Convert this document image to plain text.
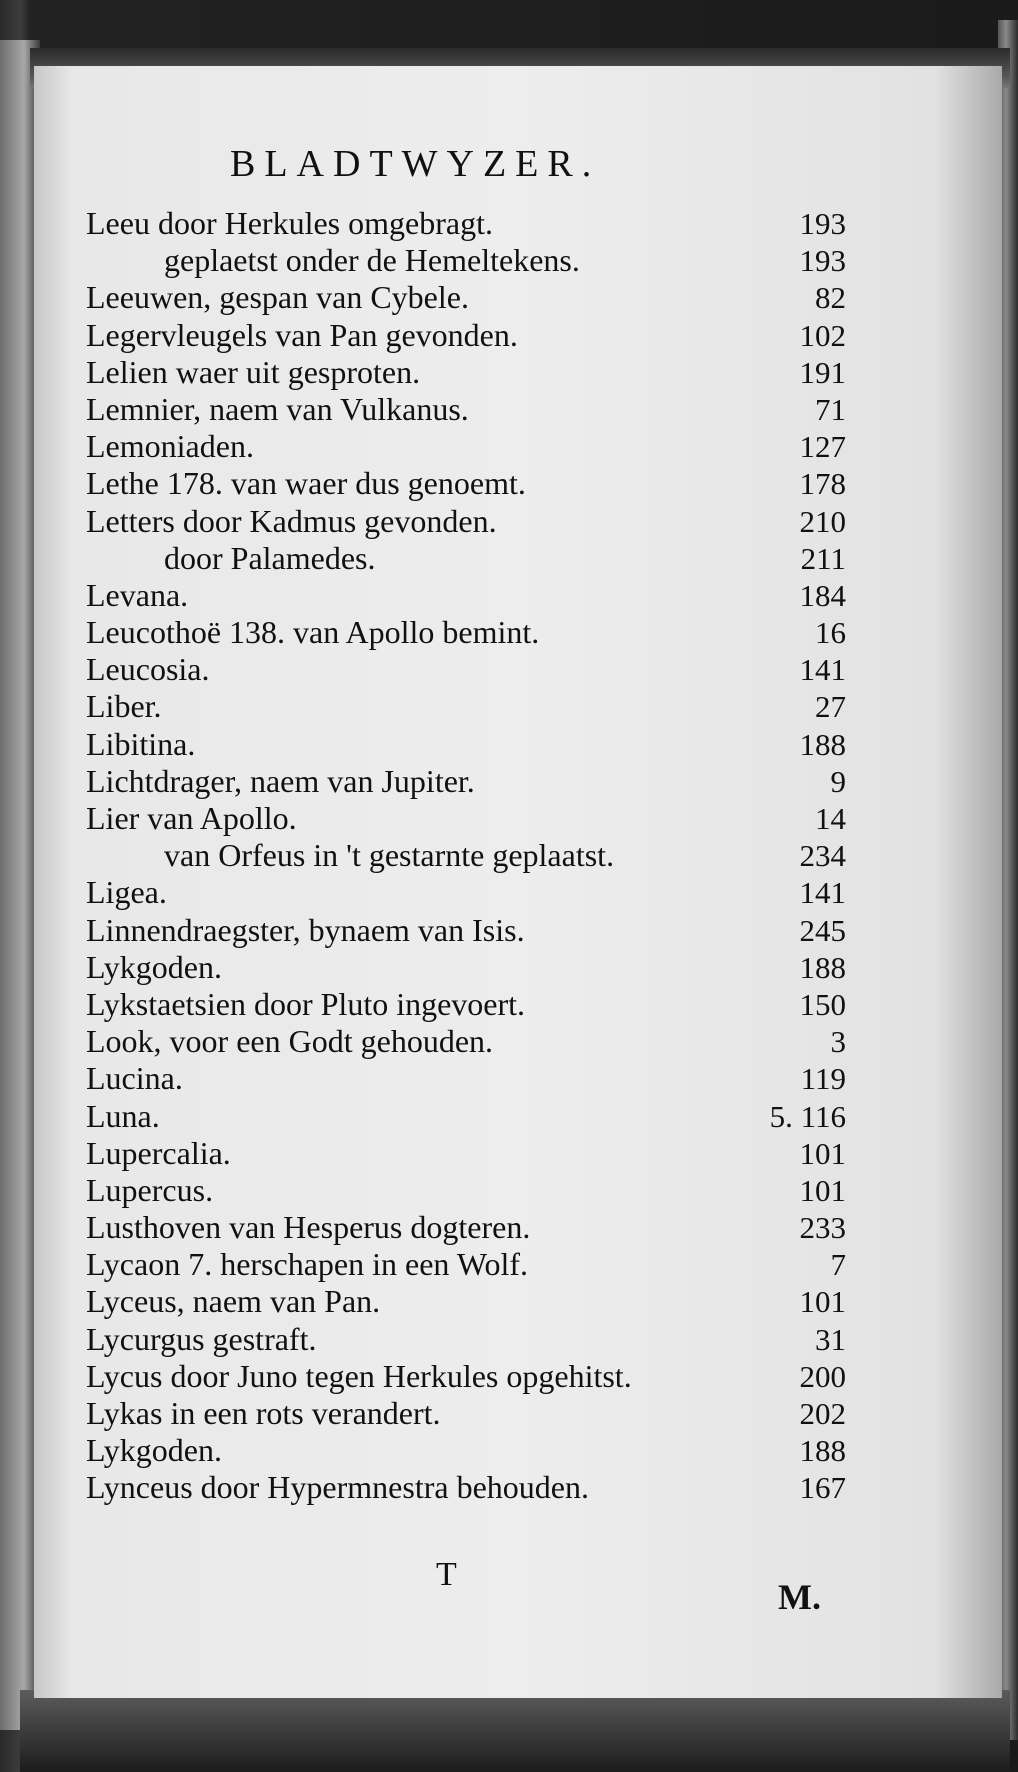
BLADTWYZER.
Leeu door Herkules omgebragt.	193
geplaetst onder de Hemeltekens.	193
Leeuwen, gespan van Cybele.	82
Legervleugels van Pan gevonden.	102
Lelien waer uit gesproten.	191
Lemnier, naem van Vulkanus.	71
Lemoniaden.	127
Lethe 178. van waer dus genoemt.	178
Letters door Kadmus gevonden.	210
door Palamedes.	211
Levana.	184
Leucothoë 138. van Apollo bemint.	16
Leucosia.	141
Liber.	27
Libitina.	188
Lichtdrager, naem van Jupiter.	9
Lier van Apollo.	14
van Orfeus in 't gestarnte geplaatst.	234
Ligea.	141
Linnendraegster, bynaem van Isis.	245
Lykgoden.	188
Lykstaetsien door Pluto ingevoert.	150
Look, voor een Godt gehouden.	3
Lucina.	119
Luna.	5. 116
Lupercalia.	101
Lupercus.	101
Lusthoven van Hesperus dogteren.	233
Lycaon 7. herschapen in een Wolf.	7
Lyceus, naem van Pan.	101
Lycurgus gestraft.	31
Lycus door Juno tegen Herkules opgehitst.	200
Lykas in een rots verandert.	202
Lykgoden.	188
Lynceus door Hypermnestra behouden.	167
T
M.
